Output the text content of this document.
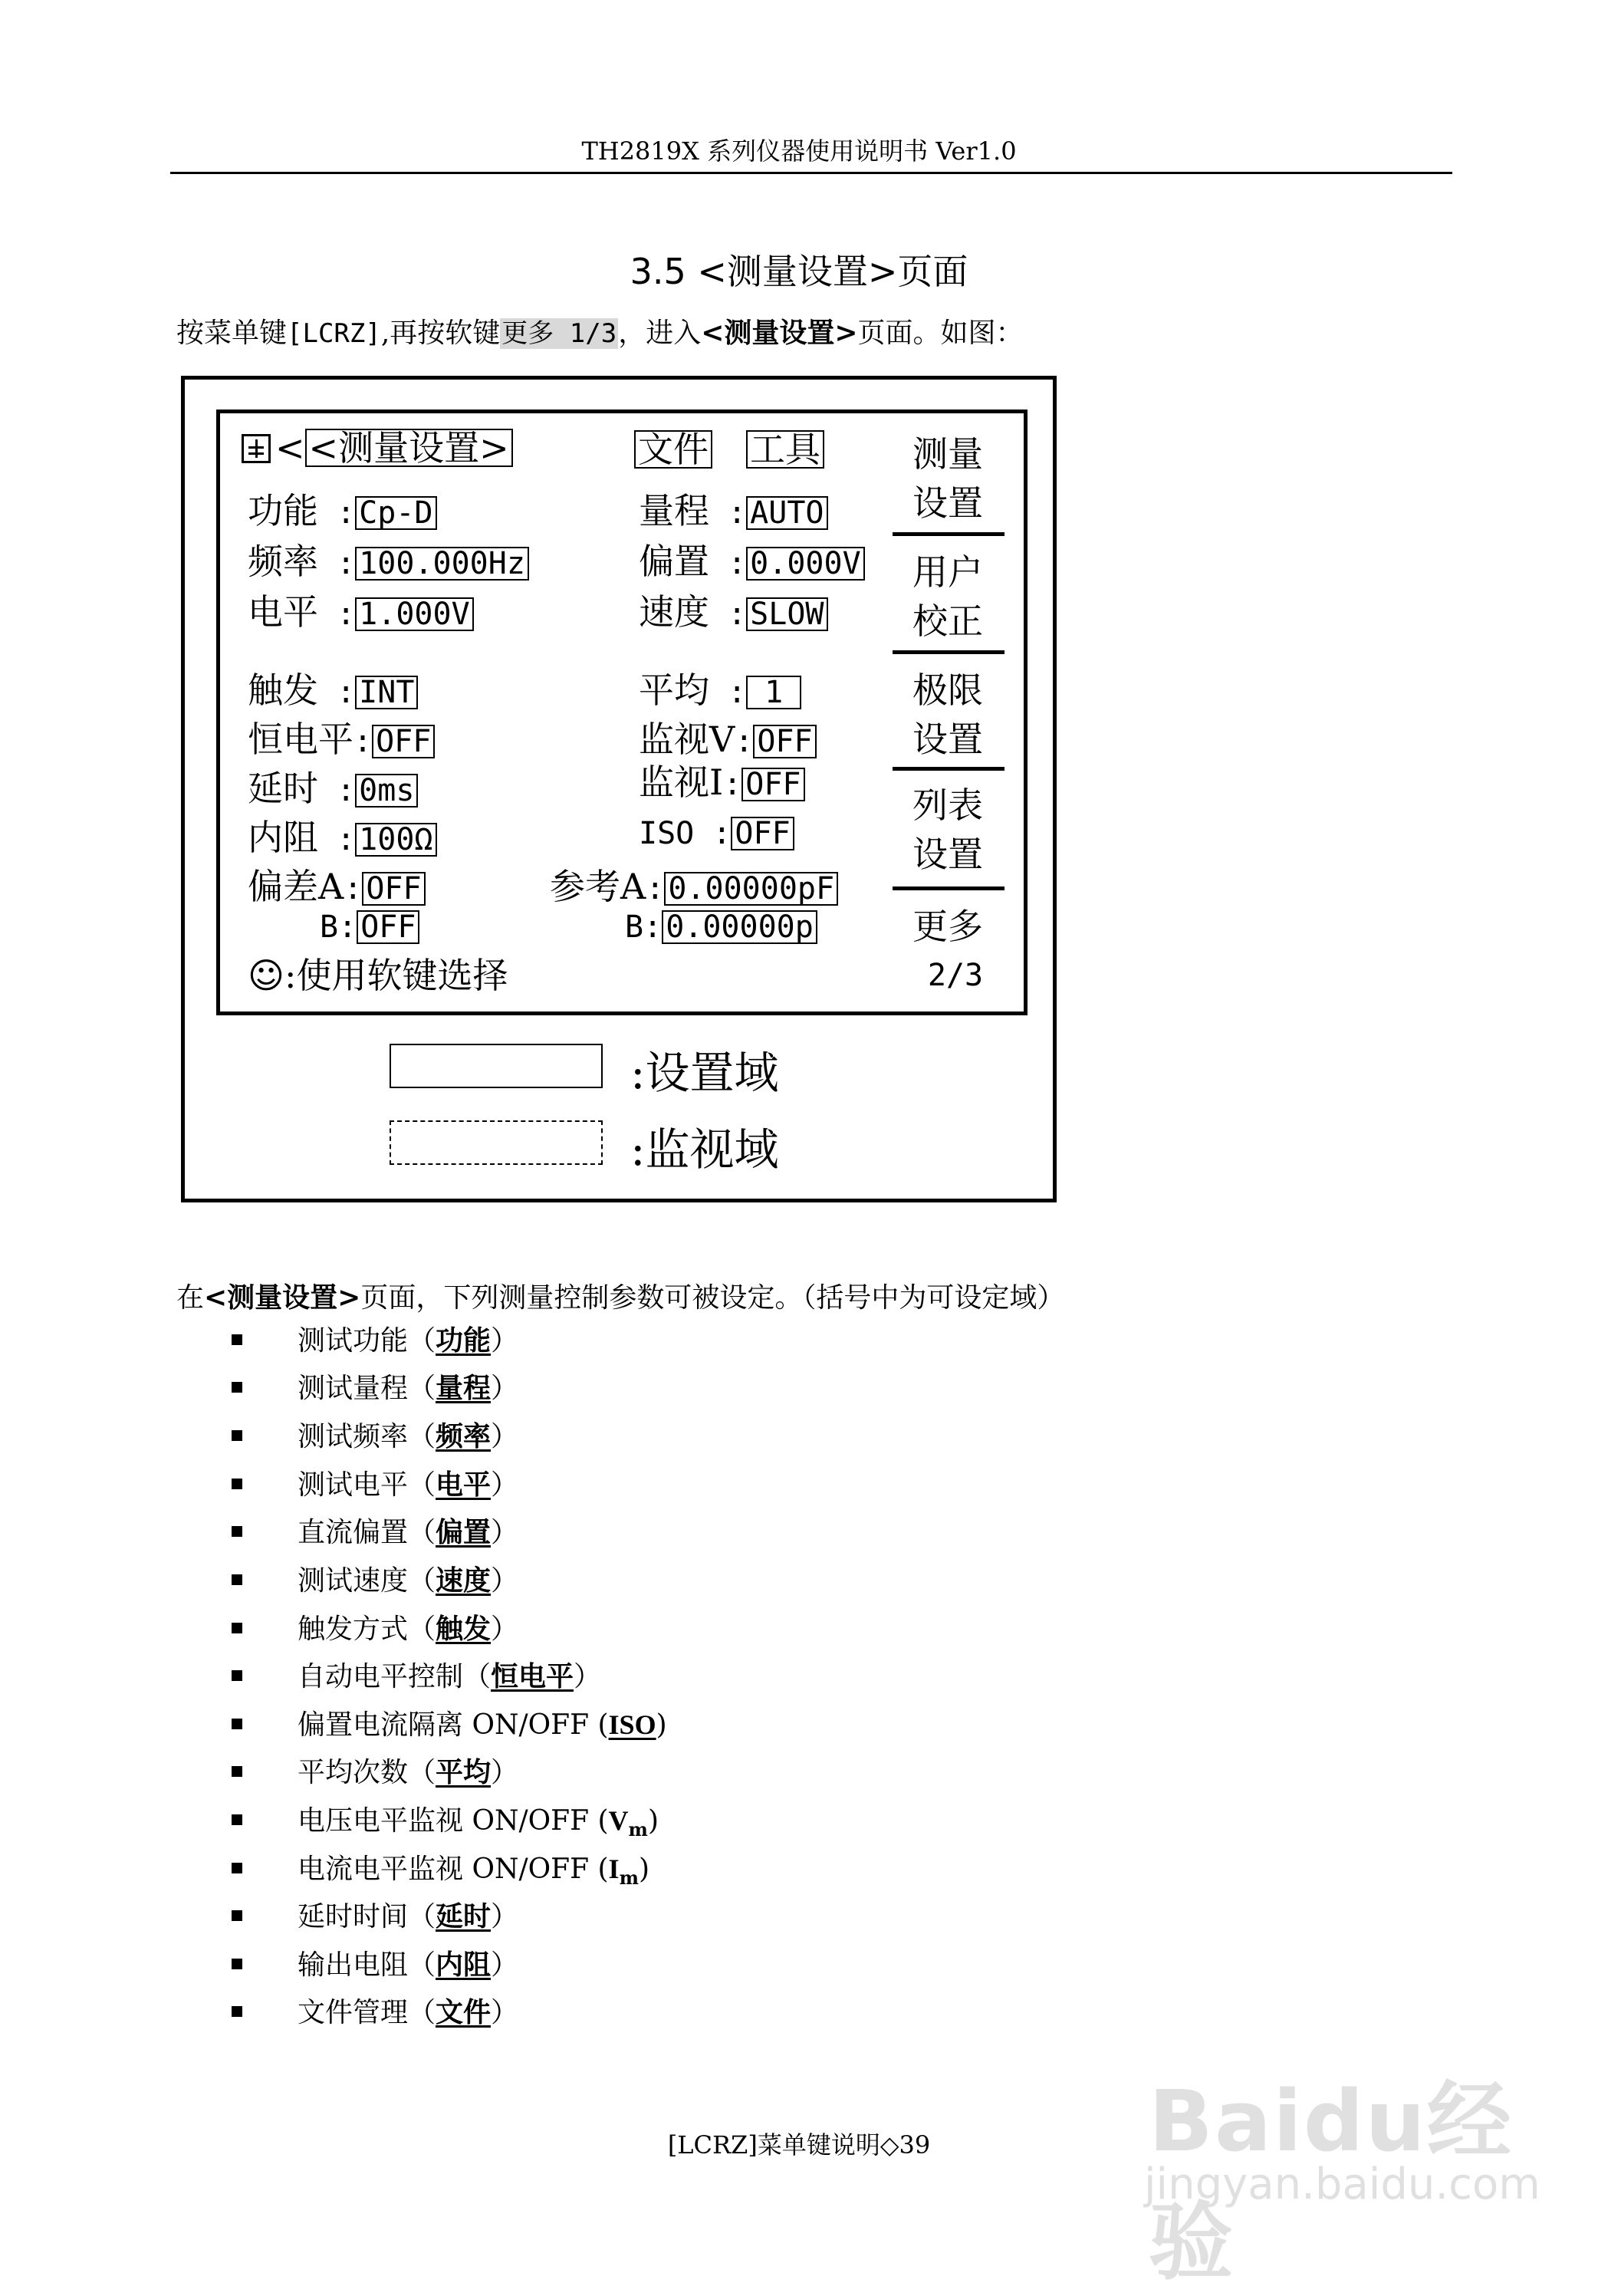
TH2819X 系列仪器使用说明书 Ver1.0
3.5 <测量设置>页面
按菜单键[LCRZ],再按软键更多 1/3，进入<测量设置>页面。如图：
< <测量设置>	文件 工具
功能 : Cp-D
频率 : 100.000Hz
电平 : 1.000V
触发 : INT
恒电平: OFF
延时 : 0ms
内阻 : 100Ω
偏差A: OFF
B: OFF
量程 : AUTO
偏置 : 0.000V
速度 : SLOW
平均 : 1
监视V: OFF
监视I: OFF
ISO : OFF
参考A: 0.00000pF
B: 0.00000p
☺:使用软键选择
测量
设置
用户
校正
极限
设置
列表
设置
更多
2/3
:设置域
:监视域
在<测量设置>页面，下列测量控制参数可被设定。（括号中为可设定域）
测试功能（功能）
测试量程（量程）
测试频率（频率）
测试电平（电平）
直流偏置（偏置）
测试速度（速度）
触发方式（触发）
自动电平控制（恒电平）
偏置电流隔离 ON/OFF (ISO)
平均次数（平均）
电压电平监视 ON/OFF $(V_m)$
电流电平监视 ON/OFF $(I_m)$
延时时间（延时）
输出电阻（内阻）
文件管理（文件）
[LCRZ]菜单键说明◇39	Baidu经验
jingyan.baidu.com
